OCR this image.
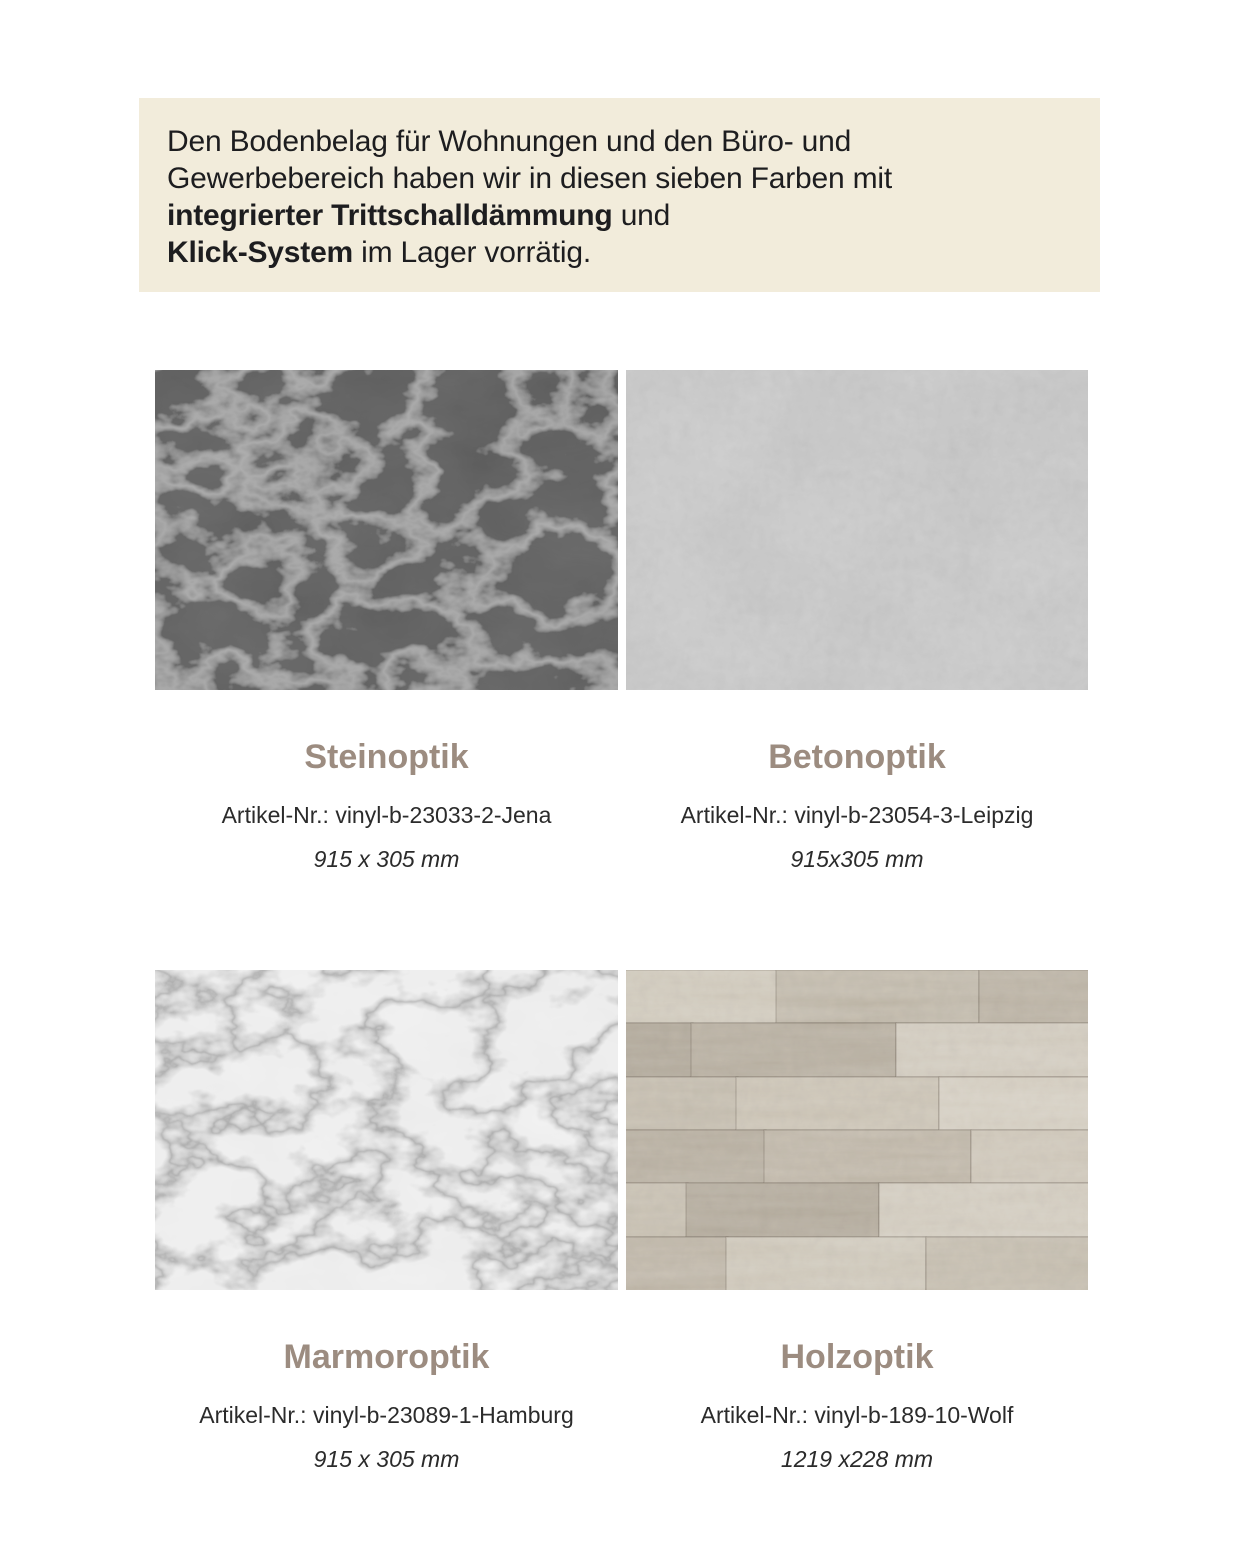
Den Bodenbelag für Wohnungen und den Büro- und
Gewerbebereich haben wir in diesen sieben Farben mit
integrierter Trittschalldämmung und
Klick-System im Lager vorrätig.

Steinoptik

Artikel-Nr.: vinyl-b-23033-2-Jena

915 x 305 mm

Betonoptik

Artikel-Nr.: vinyl-b-23054-3-Leipzig

915x305 mm

Marmoroptik

Artikel-Nr.: vinyl-b-23089-1-Hamburg

915 x 305 mm

Holzoptik

Artikel-Nr.: vinyl-b-189-10-Wolf

1219 x228 mm
